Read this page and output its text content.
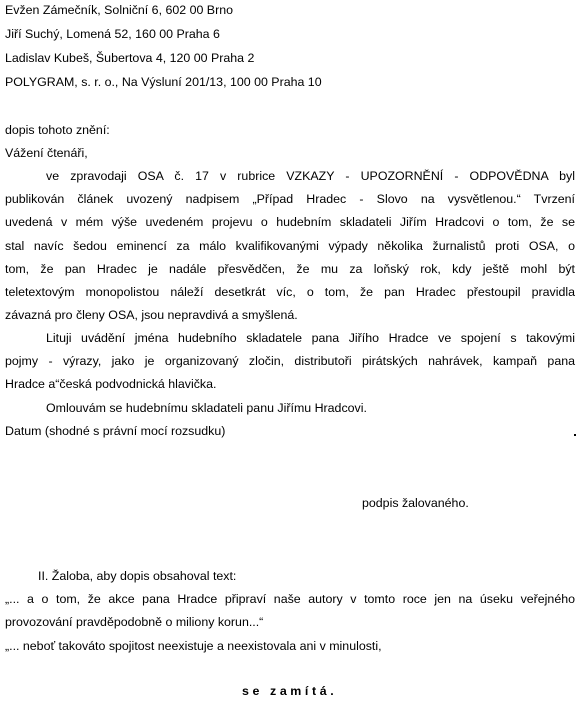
Evžen Zámečník, Solniční 6, 602 00 Brno
Jiří Suchý, Lomená 52, 160 00 Praha 6
Ladislav Kubeš, Šubertova 4, 120 00 Praha 2
POLYGRAM, s. r. o., Na Výsluní 201/13, 100 00 Praha 10
dopis tohoto znění:
Vážení čtenáři,
ve zpravodaji OSA č. 17 v rubrice VZKAZY - UPOZORNĚNÍ - ODPOVĚDNA byl
publikován článek uvozený nadpisem „Případ Hradec - Slovo na vysvětlenou.“ Tvrzení
uvedená v mém výše uvedeném projevu o hudebním skladateli Jiřím Hradcovi o tom, že se
stal navíc šedou eminencí za málo kvalifikovanými výpady několika žurnalistů proti OSA, o
tom, že pan Hradec je nadále přesvědčen, že mu za loňský rok, kdy ještě mohl být
teletextovým monopolistou náleží desetkrát víc, o tom, že pan Hradec přestoupil pravidla
závazná pro členy OSA, jsou nepravdivá a smyšlená.
Lituji uvádění jména hudebního skladatele pana Jiřího Hradce ve spojení s takovými
pojmy - výrazy, jako je organizovaný zločin, distributoři pirátských nahrávek, kampaň pana
Hradce a“česká podvodnická hlavička.
Omlouvám se hudebnímu skladateli panu Jiřímu Hradcovi.
Datum (shodné s právní mocí rozsudku)
podpis žalovaného.
II. Žaloba, aby dopis obsahoval text:
„... a o tom, že akce pana Hradce připraví naše autory v tomto roce jen na úseku veřejného
provozování pravděpodobně o miliony korun...“
„... neboť takováto spojitost neexistuje a neexistovala ani v minulosti,
se zamítá.
